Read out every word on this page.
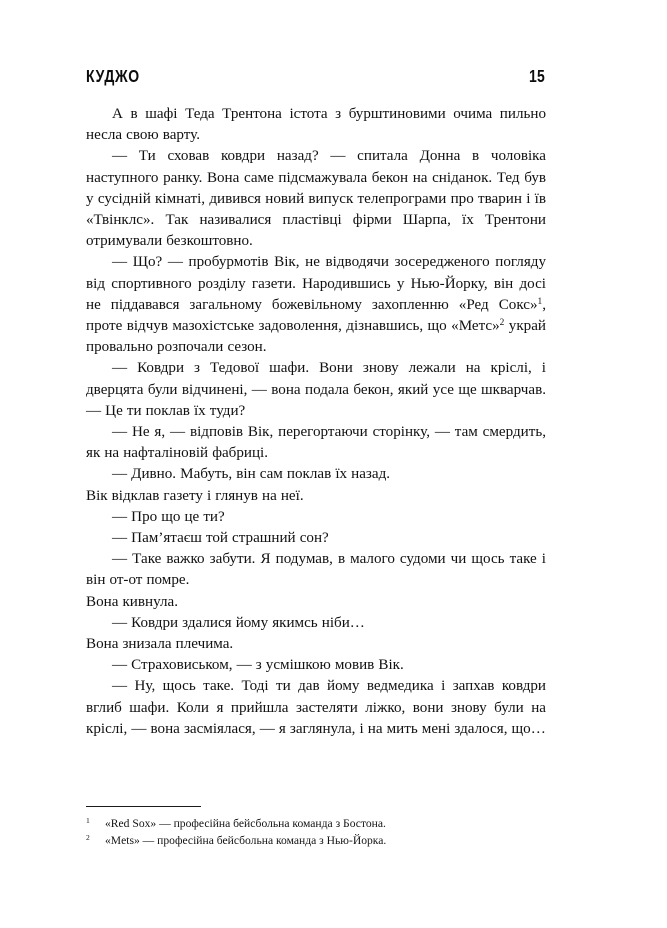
КУДЖО	15

А в шафі Теда Трентона істота з бурштиновими очима пильно несла свою варту.

— Ти сховав ковдри назад? — спитала Донна в чоловіка наступного ранку. Вона саме підсмажувала бекон на сніданок. Тед був у сусідній кімнаті, дивився новий випуск телепрограми про тварин і їв «Твінклс». Так називалися пластівці фірми Шарпа, їх Трентони отримували безкоштовно.

— Що? — пробурмотів Вік, не відводячи зосередженого погляду від спортивного розділу газети. Народившись у Нью-Йорку, він досі не піддавався загальному божевільному захопленню «Ред Сокс»$^1$, проте відчув мазохістське задоволення, дізнавшись, що «Метс»$^2$ украй провально розпочали сезон.

— Ковдри з Тедової шафи. Вони знову лежали на кріслі, і дверцята були відчинені, — вона подала бекон, який усе ще шкварчав. — Це ти поклав їх туди?

— Не я, — відповів Вік, перегортаючи сторінку, — там смердить, як на нафталіновій фабриці.

— Дивно. Мабуть, він сам поклав їх назад.

Вік відклав газету і глянув на неї.

— Про що це ти?

— Пам’ятаєш той страшний сон?

— Таке важко забути. Я подумав, в малого судоми чи щось таке і він от-от помре.

Вона кивнула.

— Ковдри здалися йому якимсь ніби…

Вона знизала плечима.

— Страховиськом, — з усмішкою мовив Вік.

— Ну, щось таке. Тоді ти дав йому ведмедика і запхав ковдри вглиб шафи. Коли я прийшла застеляти ліжко, вони знову були на кріслі, — вона засміялася, — я заглянула, і на мить мені здалося, що…

1	«Red Sox» — професійна бейсбольна команда з Бостона.
2	«Mets» — професійна бейсбольна команда з Нью-Йорка.
